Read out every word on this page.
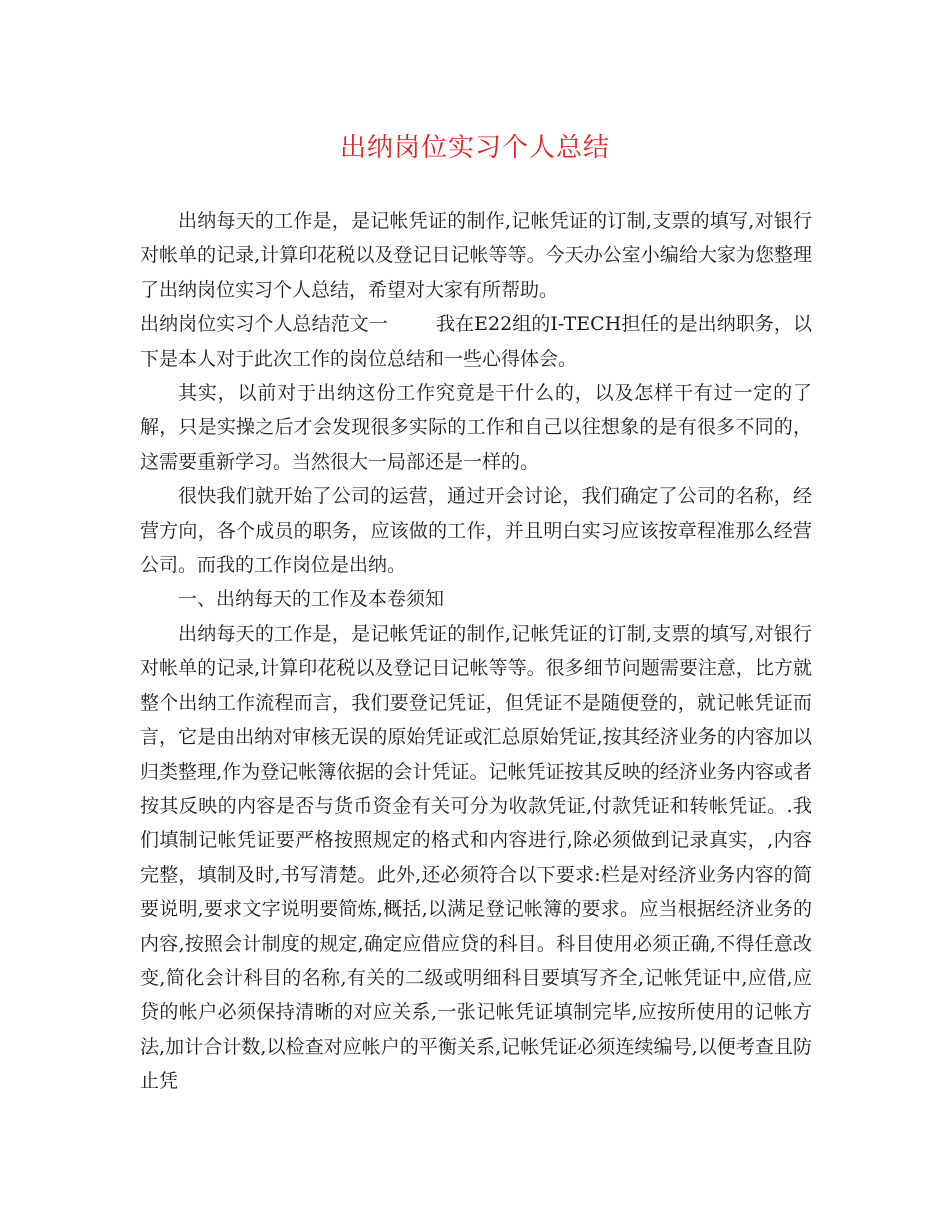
出纳岗位实习个人总结

出纳每天的工作是，是记帐凭证的制作,记帐凭证的订制,支票的填写,对银行对帐单的记录,计算印花税以及登记日记帐等等。今天办公室小编给大家为您整理了出纳岗位实习个人总结，希望对大家有所帮助。

出纳岗位实习个人总结范文一	我在E22组的I-TECH担任的是出纳职务，以下是本人对于此次工作的岗位总结和一些心得体会。

其实，以前对于出纳这份工作究竟是干什么的，以及怎样干有过一定的了解，只是实操之后才会发现很多实际的工作和自己以往想象的是有很多不同的，这需要重新学习。当然很大一局部还是一样的。

很快我们就开始了公司的运营，通过开会讨论，我们确定了公司的名称，经营方向，各个成员的职务，应该做的工作，并且明白实习应该按章程准那么经营公司。而我的工作岗位是出纳。

一、出纳每天的工作及本卷须知

出纳每天的工作是，是记帐凭证的制作,记帐凭证的订制,支票的填写,对银行对帐单的记录,计算印花税以及登记日记帐等等。很多细节问题需要注意，比方就整个出纳工作流程而言，我们要登记凭证，但凭证不是随便登的，就记帐凭证而言，它是由出纳对审核无误的原始凭证或汇总原始凭证,按其经济业务的内容加以归类整理,作为登记帐簿依据的会计凭证。记帐凭证按其反映的经济业务内容或者按其反映的内容是否与货币资金有关可分为收款凭证,付款凭证和转帐凭证。.我们填制记帐凭证要严格按照规定的格式和内容进行,除必须做到记录真实，,内容完整，填制及时,书写清楚。此外,还必须符合以下要求:栏是对经济业务内容的简要说明,要求文字说明要简炼,概括,以满足登记帐簿的要求。应当根据经济业务的内容,按照会计制度的规定,确定应借应贷的科目。科目使用必须正确,不得任意改变,简化会计科目的名称,有关的二级或明细科目要填写齐全,记帐凭证中,应借,应贷的帐户必须保持清晰的对应关系,一张记帐凭证填制完毕,应按所使用的记帐方法,加计合计数,以检查对应帐户的平衡关系,记帐凭证必须连续编号,以便考查且防止凭
